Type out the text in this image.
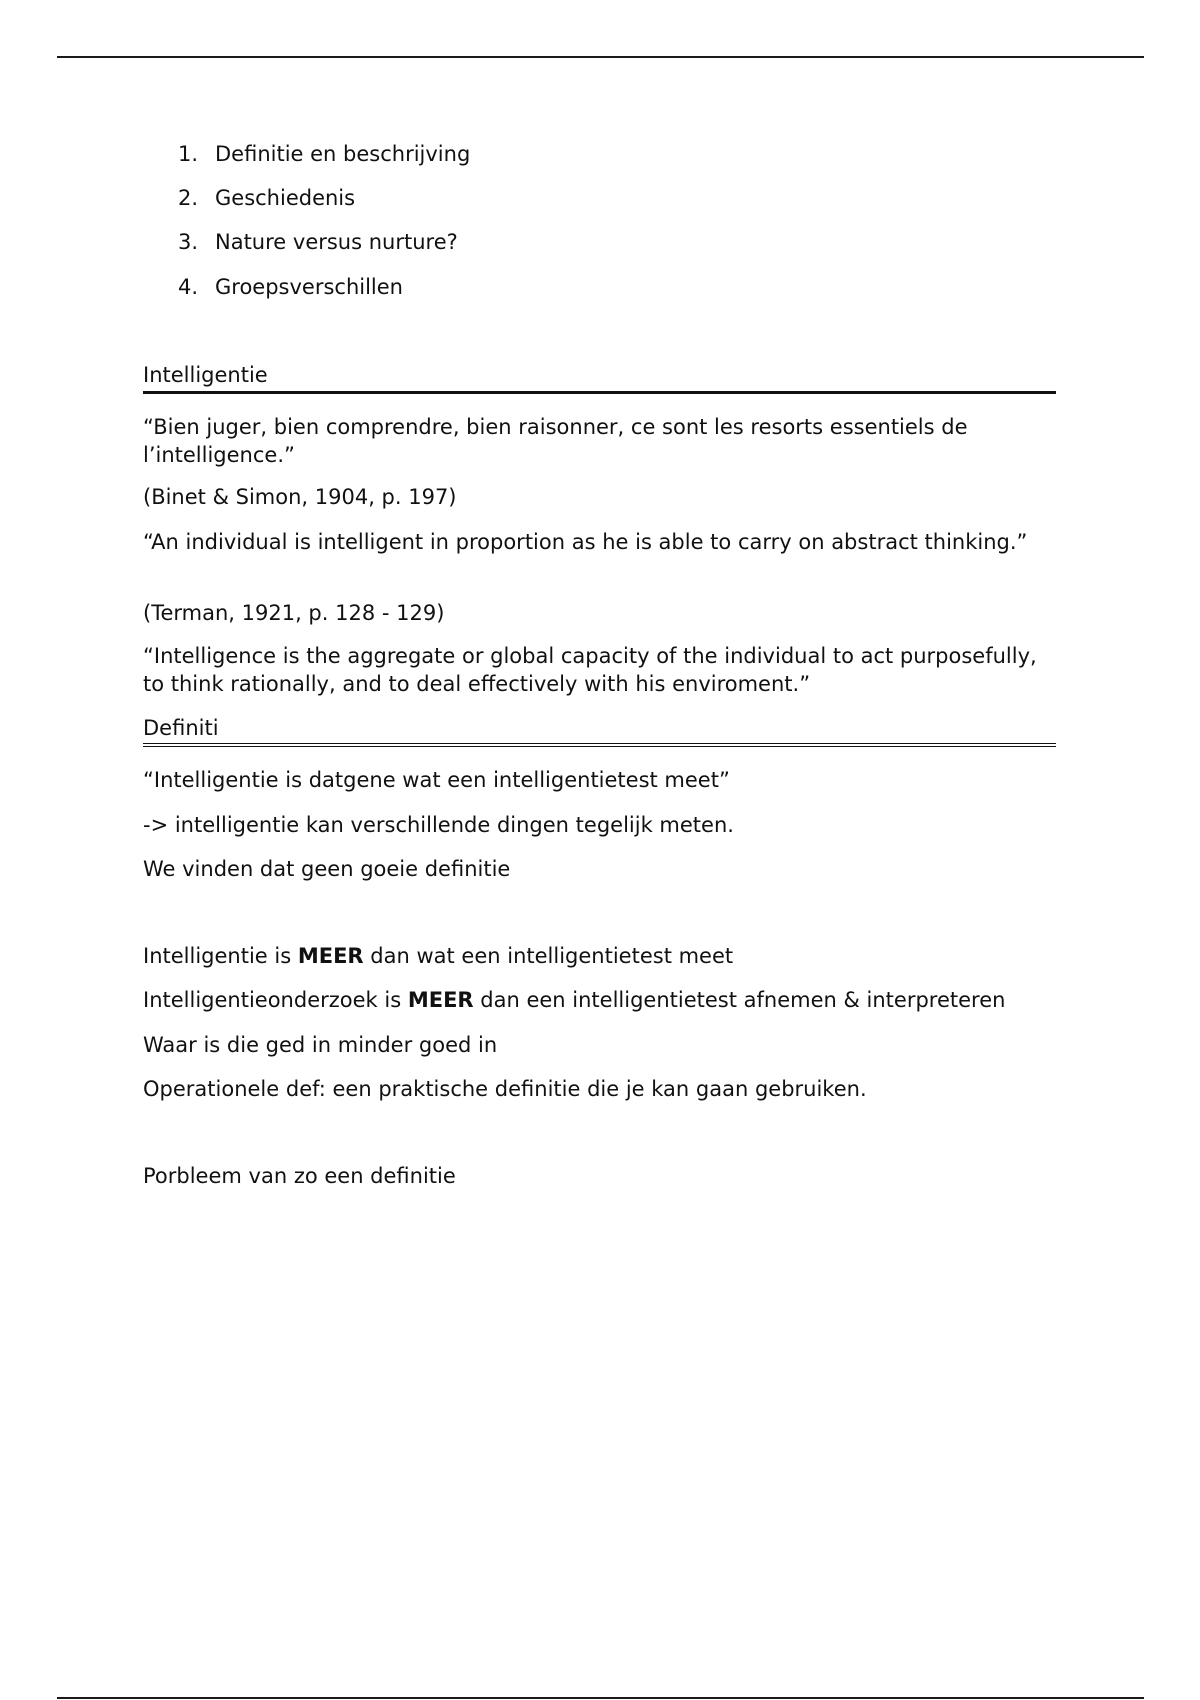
1. Definitie en beschrijving
2. Geschiedenis
3. Nature versus nurture?
4. Groepsverschillen
Intelligentie
“Bien juger, bien comprendre, bien raisonner, ce sont les resorts essentiels de l’intelligence.”
(Binet & Simon, 1904, p. 197)
“An individual is intelligent in proportion as he is able to carry on abstract thinking.”
(Terman, 1921, p. 128 - 129)
“Intelligence is the aggregate or global capacity of the individual to act purposefully, to think rationally, and to deal effectively with his enviroment.”
Definiti
“Intelligentie is datgene wat een intelligentietest meet”
-> intelligentie kan verschillende dingen tegelijk meten.
We vinden dat geen goeie definitie
Intelligentie is MEER dan wat een intelligentietest meet
Intelligentieonderzoek is MEER dan een intelligentietest afnemen & interpreteren
Waar is die ged in minder goed in
Operationele def: een praktische definitie die je kan gaan gebruiken.
Porbleem van zo een definitie
